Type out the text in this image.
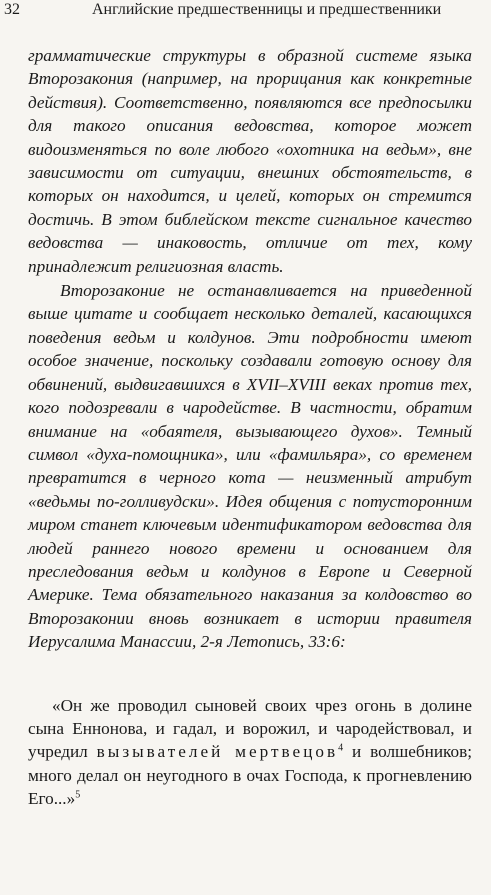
32	Английские предшественницы и предшественники

грамматические структуры в образной системе языка Второзакония (например, на прорицания как конкретные действия). Соответственно, появляются все предпосылки для такого описания ведовства, которое может видоизменяться по воле любого «охотника на ведьм», вне зависимости от ситуации, внешних обстоятельств, в которых он находится, и целей, которых он стремится достичь. В этом библейском тексте сигнальное качество ведовства — инаковость, отличие от тех, кому принадлежит религиозная власть.

Второзаконие не останавливается на приведенной выше цитате и сообщает несколько деталей, касающихся поведения ведьм и колдунов. Эти подробности имеют особое значение, поскольку создавали готовую основу для обвинений, выдвигавшихся в XVII–XVIII веках против тех, кого подозревали в чародействе. В частности, обратим внимание на «обаятеля, вызывающего духов». Темный символ «духа-помощника», или «фамильяра», со временем превратится в черного кота — неизменный атрибут «ведьмы по-голливудски». Идея общения с потусторонним миром станет ключевым идентификатором ведовства для людей раннего нового времени и основанием для преследования ведьм и колдунов в Европе и Северной Америке. Тема обязательного наказания за колдовство во Второзаконии вновь возникает в истории правителя Иерусалима Манассии, 2-я Летопись, 33:6:

«Он же проводил сыновей своих чрез огонь в долине сына Еннонова, и гадал, и ворожил, и чародействовал, и учредил вызывателей мертвецов$^4$ и волшебников; много делал он неугодного в очах Господа, к прогневлению Его...»$^5$
